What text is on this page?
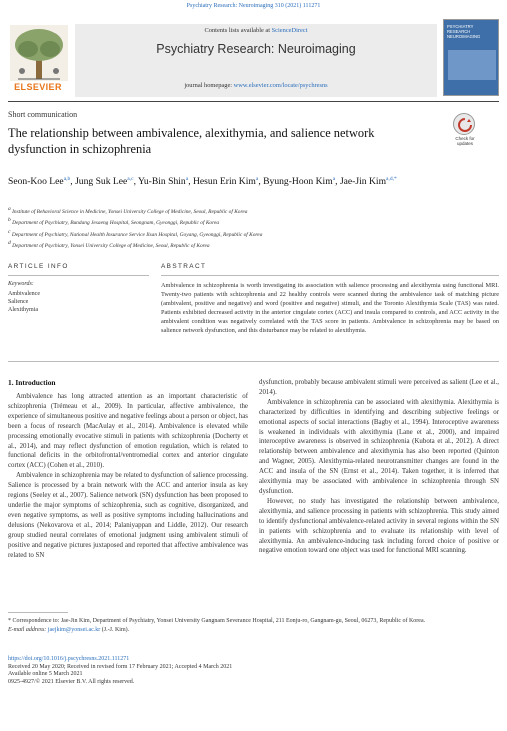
Psychiatry Research: Neuroimaging 310 (2021) 111271
Contents lists available at ScienceDirect
Psychiatry Research: Neuroimaging
journal homepage: www.elsevier.com/locate/psychresns
ELSEVIER
PSYCHIATRY RESEARCH NEUROIMAGING
Short communication
The relationship between ambivalence, alexithymia, and salience network dysfunction in schizophrenia
Check for updates
Seon-Koo Lee$^{a,b}$, Jung Suk Lee$^{a,c}$, Yu-Bin Shin$^a$, Hesun Erin Kim$^a$, Byung-Hoon Kim$^a$, Jae-Jin Kim$^{a,d,*}$
$^a$ Institute of Behavioral Science in Medicine, Yonsei University College of Medicine, Seoul, Republic of Korea
$^b$ Department of Psychiatry, Bundang Jesaeng Hospital, Seongnam, Gyeonggi, Republic of Korea
$^c$ Department of Psychiatry, National Health Insurance Service Ilsan Hospital, Goyang, Gyeonggi, Republic of Korea
$^d$ Department of Psychiatry, Yonsei University College of Medicine, Seoul, Republic of Korea
ARTICLE INFO	ABSTRACT
Keywords:
Ambivalence
Salience
Alexithymia
Ambivalence in schizophrenia is worth investigating its association with salience processing and alexithymia using functional MRI. Twenty-two patients with schizophrenia and 22 healthy controls were scanned during the ambivalence task of matching picture (ambivalent, positive and negative) and word (positive and negative) stimuli, and the Toronto Alexithymia Scale (TAS) was rated. Patients exhibited decreased activity in the anterior cingulate cortex (ACC) and insula compared to controls, and ACC activity in the ambivalent condition was negatively correlated with the TAS score in patients. Ambivalence in schizophrenia may be based on salience network dysfunction, and this disturbance may be related to alexithymia.
1. Introduction

Ambivalence has long attracted attention as an important characteristic of schizophrenia (Trémeau et al., 2009). In particular, affective ambivalence, the experience of simultaneous positive and negative feelings about a person or object, has been a focus of research (MacAulay et al., 2014). Ambivalence is elevated while processing emotionally evocative stimuli in patients with schizophrenia (Docherty et al., 2014), and may reflect dysfunction of emotion regulation, which is related to functional deficits in the orbitofrontal/ventromedial cortex and anterior cingulate cortex (ACC) (Cohen et al., 2010).

Ambivalence in schizophrenia may be related to dysfunction of salience processing. Salience is processed by a brain network with the ACC and anterior insula as key regions (Seeley et al., 2007). Salience network (SN) dysfunction has been proposed to underlie the major symptoms of schizophrenia, such as cognitive, disorganized, and even negative symptoms, as well as positive symptoms including hallucinations and delusions (Nekovarova et al., 2014; Palaniyappan and Liddle, 2012). Our research group studied neural correlates of emotional judgment using ambivalent stimuli of positive and negative pictures juxtaposed and reported that affective ambivalence was related to SN

dysfunction, probably because ambivalent stimuli were perceived as salient (Lee et al., 2014).

Ambivalence in schizophrenia can be associated with alexithymia. Alexithymia is characterized by difficulties in identifying and describing subjective feelings or emotional aspects of social interactions (Bagby et al., 1994). Interoceptive awareness is weakened in individuals with alexithymia (Lane et al., 2000), and impaired interoceptive awareness is observed in schizophrenia (Kubota et al., 2012). A direct relationship between ambivalence and alexithymia has also been reported (Quinton and Wagner, 2005). Alexithymia-related neurotransmitter changes are found in the ACC and insula of the SN (Ernst et al., 2014). Taken together, it is inferred that alexithymia may be associated with ambivalence in schizophrenia through SN dysfunction.

However, no study has investigated the relationship between ambivalence, alexithymia, and salience processing in patients with schizophrenia. This study aimed to identify dysfunctional ambivalence-related activity in several regions within the SN in patients with schizophrenia and to evaluate its relationship with level of alexithymia. An ambivalence-inducing task including forced choice of positive or negative emotion toward one object was used for functional MRI scanning.

* Correspondence to: Jae-Jin Kim, Department of Psychiatry, Yonsei University Gangnam Severance Hospital, 211 Eonju-ro, Gangnam-gu, Seoul, 06273, Republic of Korea.
E-mail address: jaejkim@yonsei.ac.kr (J.-J. Kim).
https://doi.org/10.1016/j.pscychresns.2021.111271
Received 20 May 2020; Received in revised form 17 February 2021; Accepted 4 March 2021
Available online 5 March 2021
0925-4927/© 2021 Elsevier B.V. All rights reserved.
